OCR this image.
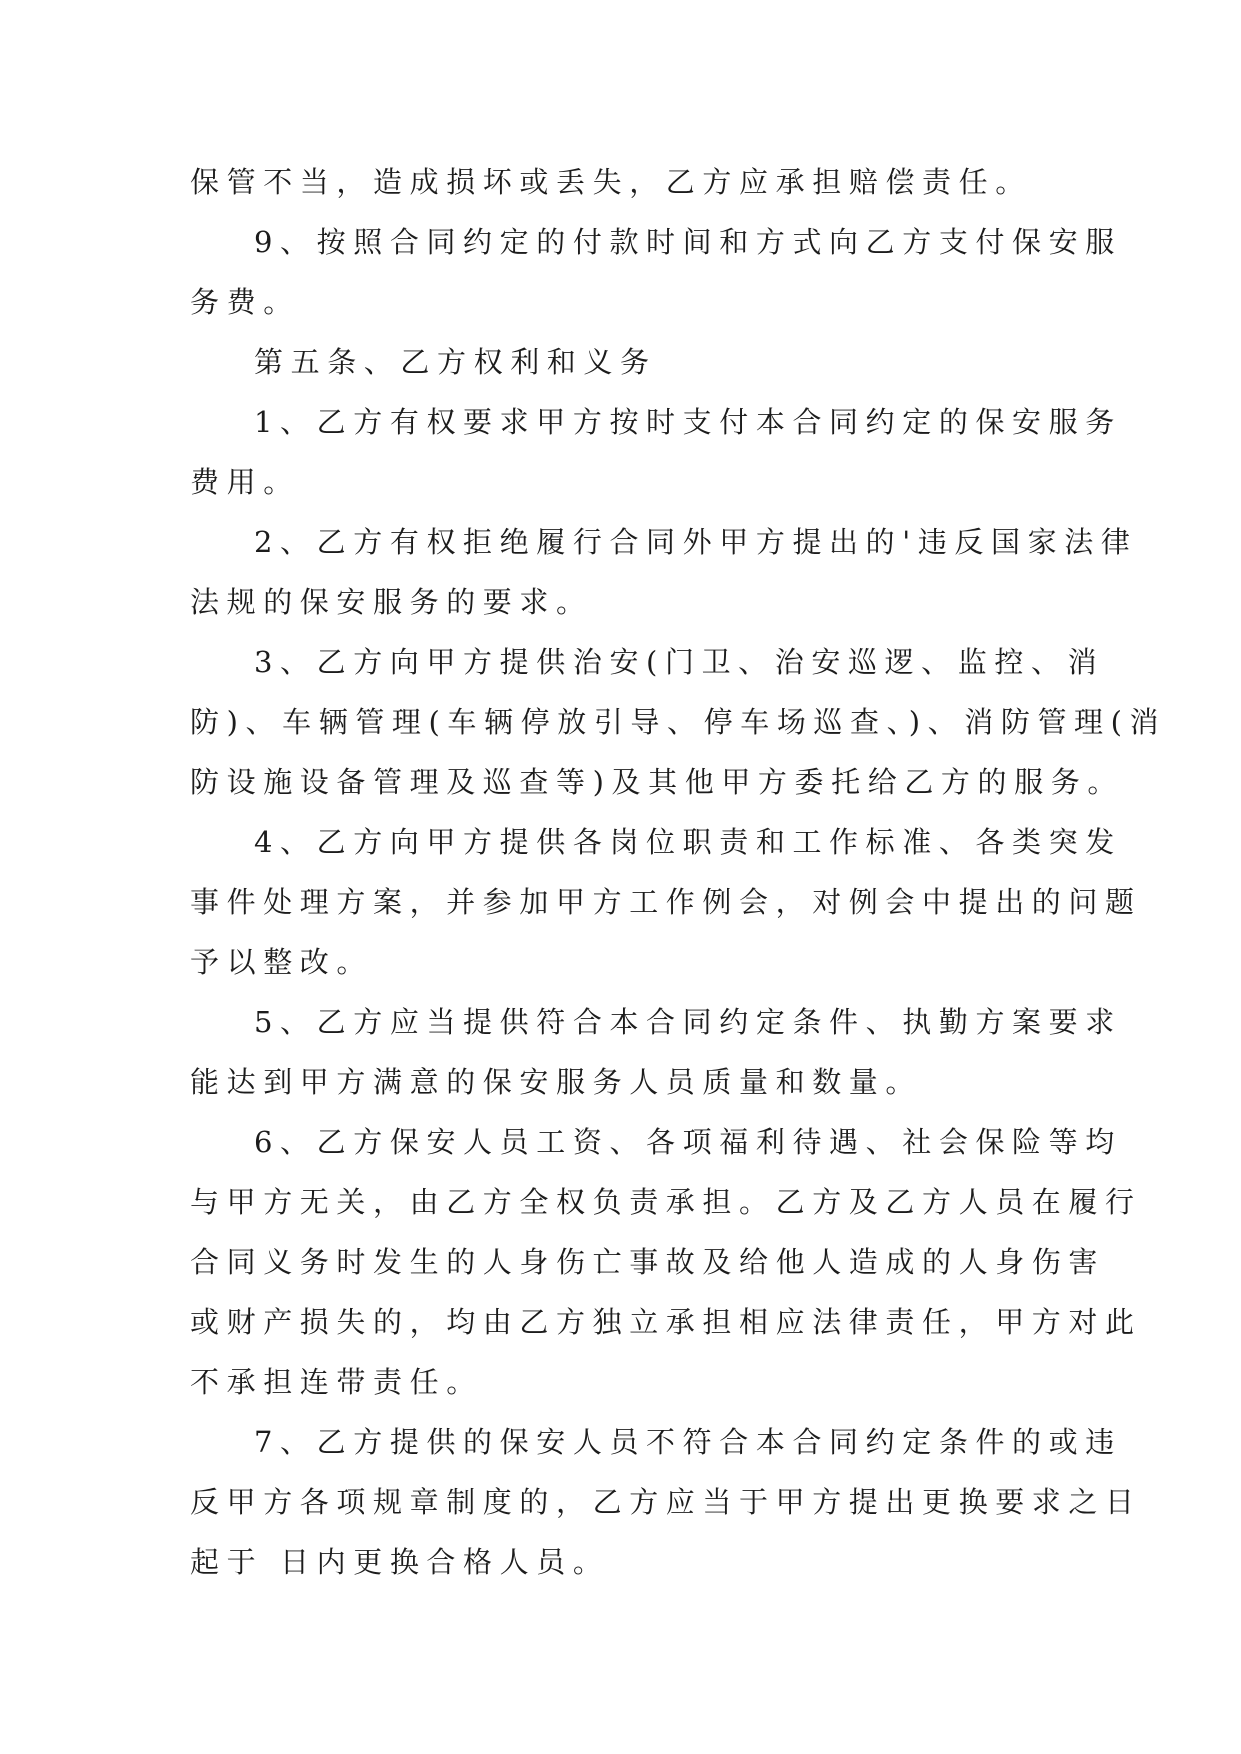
保管不当，造成损坏或丢失，乙方应承担赔偿责任。
9、按照合同约定的付款时间和方式向乙方支付保安服
务费。
第五条、乙方权利和义务
1、乙方有权要求甲方按时支付本合同约定的保安服务
费用。
2、乙方有权拒绝履行合同外甲方提出的'违反国家法律
法规的保安服务的要求。
3、乙方向甲方提供治安(门卫、治安巡逻、监控、消
防)、车辆管理(车辆停放引导、停车场巡查、)、消防管理(消
防设施设备管理及巡查等)及其他甲方委托给乙方的服务。
4、乙方向甲方提供各岗位职责和工作标准、各类突发
事件处理方案，并参加甲方工作例会，对例会中提出的问题
予以整改。
5、乙方应当提供符合本合同约定条件、执勤方案要求
能达到甲方满意的保安服务人员质量和数量。
6、乙方保安人员工资、各项福利待遇、社会保险等均
与甲方无关，由乙方全权负责承担。乙方及乙方人员在履行
合同义务时发生的人身伤亡事故及给他人造成的人身伤害
或财产损失的，均由乙方独立承担相应法律责任，甲方对此
不承担连带责任。
7、乙方提供的保安人员不符合本合同约定条件的或违
反甲方各项规章制度的，乙方应当于甲方提出更换要求之日
起于 日内更换合格人员。
